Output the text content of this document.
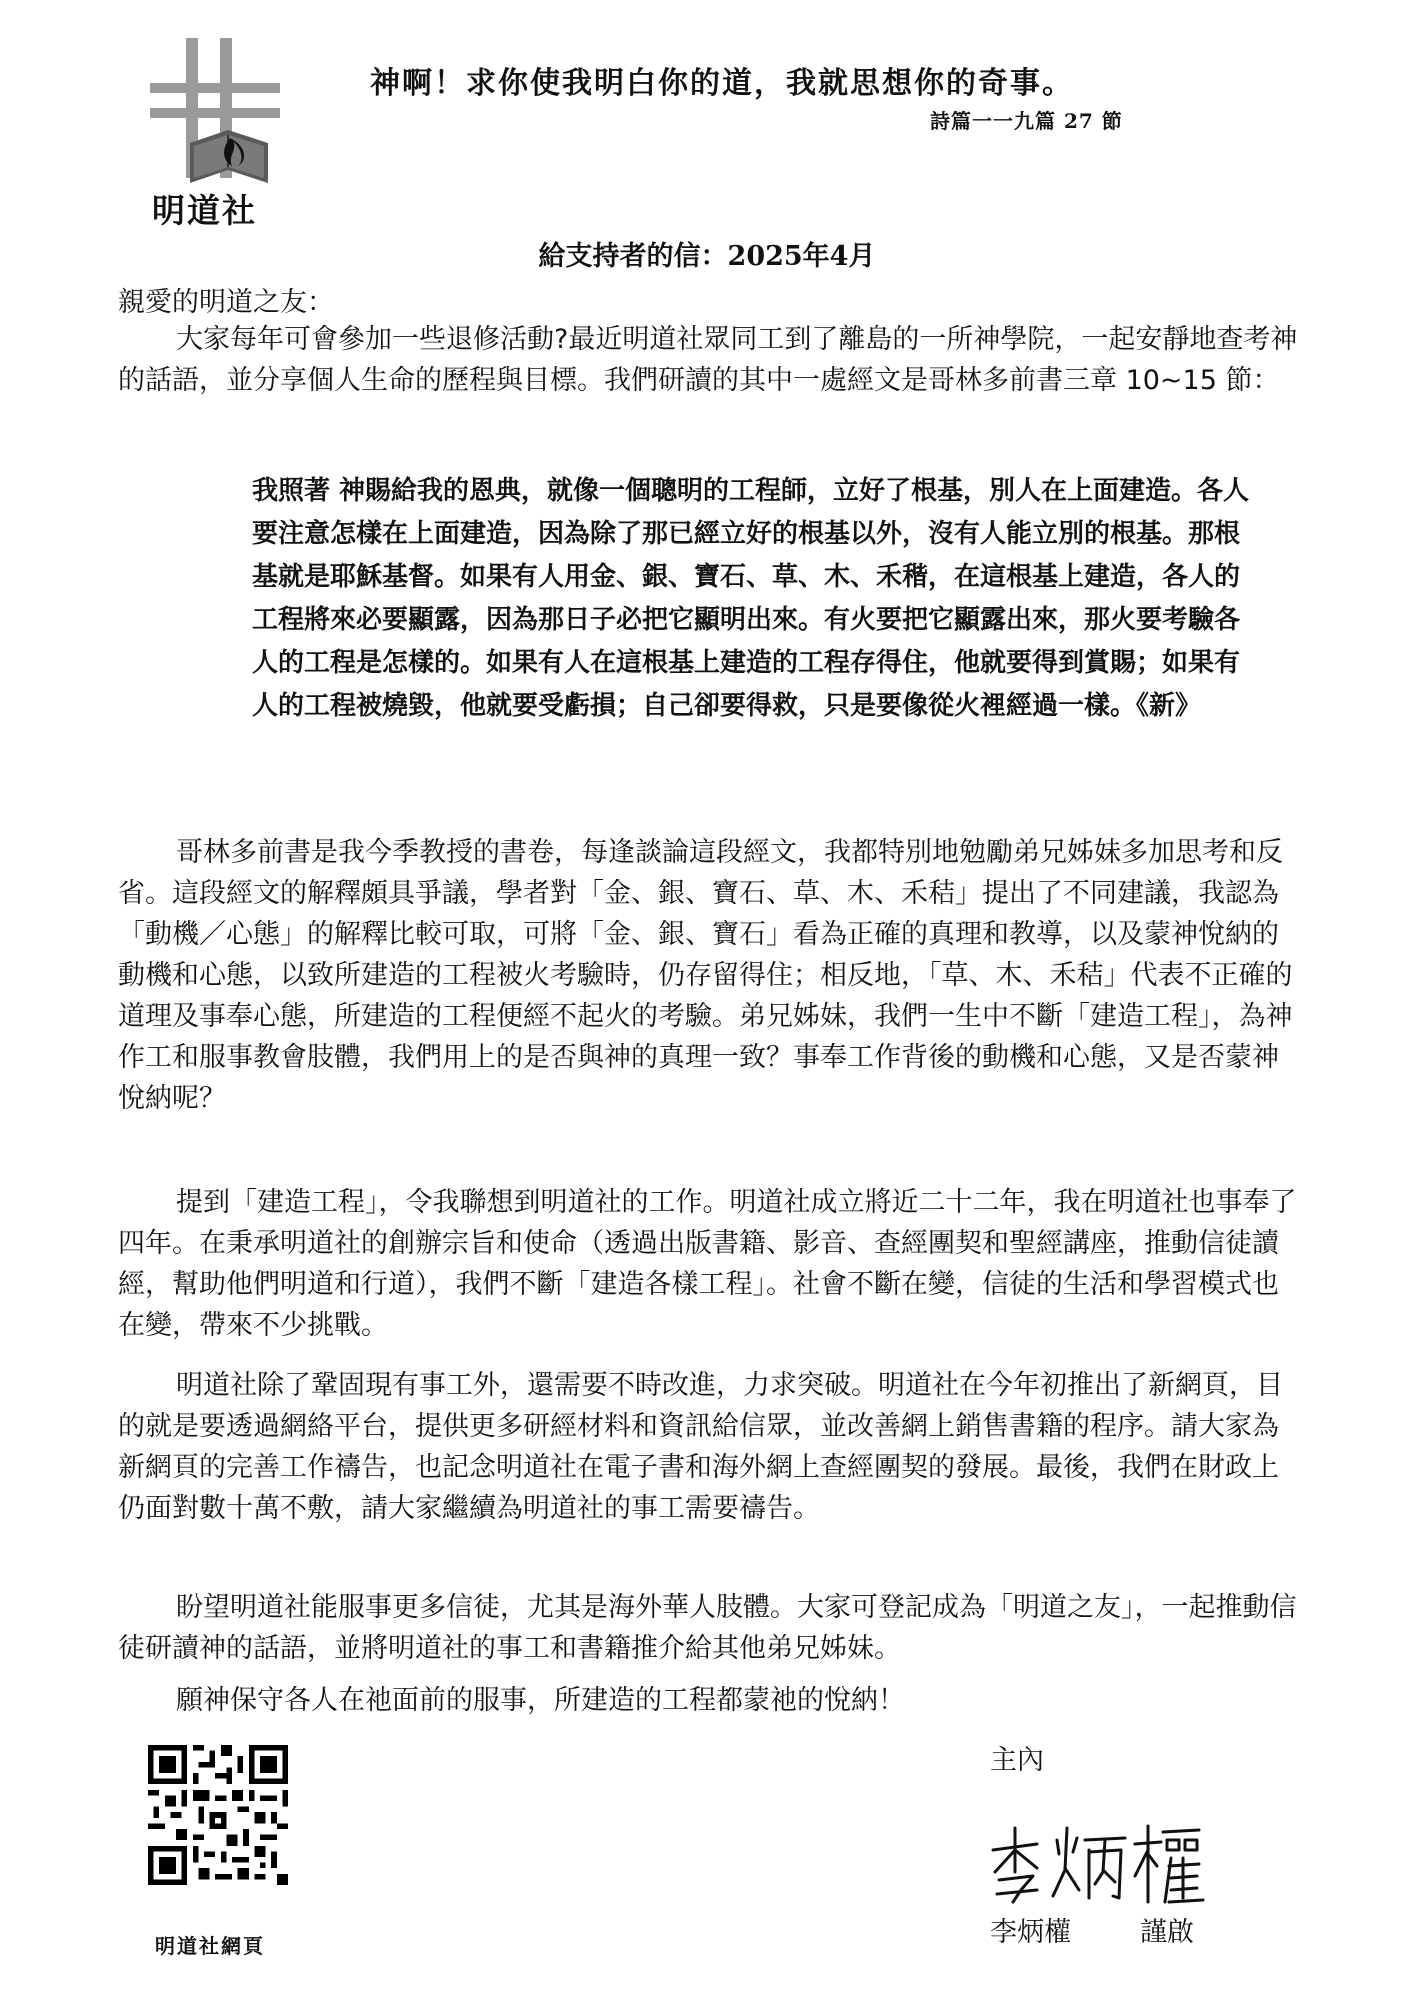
明道社
神啊！求你使我明白你的道，我就思想你的奇事。
詩篇一一九篇 27 節
給支持者的信：2025年4月
親愛的明道之友：

大家每年可會參加一些退修活動?最近明道社眾同工到了離島的一所神學院，一起安靜地查考神的話語，並分享個人生命的歷程與目標。我們研讀的其中一處經文是哥林多前書三章 10~15 節：

我照著 神賜給我的恩典，就像一個聰明的工程師，立好了根基，別人在上面建造。各人要注意怎樣在上面建造，因為除了那已經立好的根基以外，沒有人能立別的根基。那根基就是耶穌基督。如果有人用金、銀、寶石、草、木、禾稭，在這根基上建造，各人的工程將來必要顯露，因為那日子必把它顯明出來。有火要把它顯露出來，那火要考驗各人的工程是怎樣的。如果有人在這根基上建造的工程存得住，他就要得到賞賜；如果有人的工程被燒毀，他就要受虧損；自己卻要得救，只是要像從火裡經過一樣。《新》

哥林多前書是我今季教授的書卷，每逢談論這段經文，我都特別地勉勵弟兄姊妹多加思考和反省。這段經文的解釋頗具爭議，學者對「金、銀、寶石、草、木、禾秸」提出了不同建議，我認為「動機／心態」的解釋比較可取，可將「金、銀、寶石」看為正確的真理和教導，以及蒙神悅納的動機和心態，以致所建造的工程被火考驗時，仍存留得住；相反地，「草、木、禾秸」代表不正確的道理及事奉心態，所建造的工程便經不起火的考驗。弟兄姊妹，我們一生中不斷「建造工程」，為神作工和服事教會肢體，我們用上的是否與神的真理一致？事奉工作背後的動機和心態，又是否蒙神悅納呢？

提到「建造工程」，令我聯想到明道社的工作。明道社成立將近二十二年，我在明道社也事奉了四年。在秉承明道社的創辦宗旨和使命（透過出版書籍、影音、查經團契和聖經講座，推動信徒讀經，幫助他們明道和行道），我們不斷「建造各樣工程」。社會不斷在變，信徒的生活和學習模式也在變，帶來不少挑戰。

明道社除了鞏固現有事工外，還需要不時改進，力求突破。明道社在今年初推出了新網頁，目的就是要透過網絡平台，提供更多研經材料和資訊給信眾，並改善網上銷售書籍的程序。請大家為新網頁的完善工作禱告，也記念明道社在電子書和海外網上查經團契的發展。最後，我們在財政上仍面對數十萬不敷，請大家繼續為明道社的事工需要禱告。

盼望明道社能服事更多信徒，尤其是海外華人肢體。大家可登記成為「明道之友」，一起推動信徒研讀神的話語，並將明道社的事工和書籍推介給其他弟兄姊妹。

願神保守各人在祂面前的服事，所建造的工程都蒙祂的悅納！

明道社網頁
主內
李炳權	謹啟
